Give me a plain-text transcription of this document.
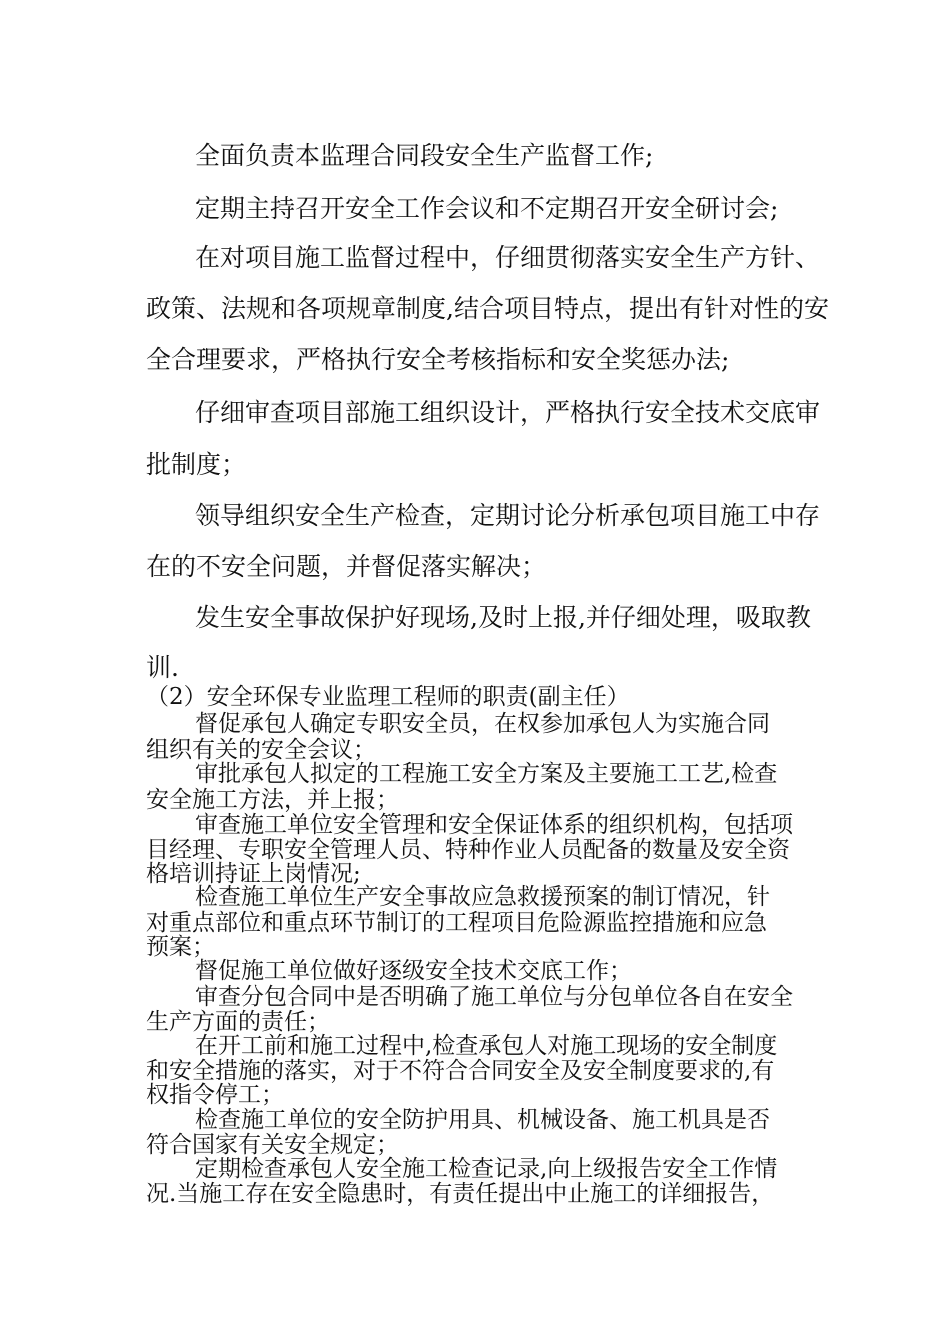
全面负责本监理合同段安全生产监督工作;
定期主持召开安全工作会议和不定期召开安全研讨会;
在对项目施工监督过程中，仔细贯彻落实安全生产方针、
政策、法规和各项规章制度,结合项目特点，提出有针对性的安
全合理要求，严格执行安全考核指标和安全奖惩办法;
仔细审查项目部施工组织设计，严格执行安全技术交底审
批制度；
领导组织安全生产检查，定期讨论分析承包项目施工中存
在的不安全问题，并督促落实解决；
发生安全事故保护好现场,及时上报,并仔细处理，吸取教
训.
（2）安全环保专业监理工程师的职责(副主任）
督促承包人确定专职安全员，在权参加承包人为实施合同
组织有关的安全会议；
审批承包人拟定的工程施工安全方案及主要施工工艺,检查
安全施工方法，并上报；
审查施工单位安全管理和安全保证体系的组织机构，包括项
目经理、专职安全管理人员、特种作业人员配备的数量及安全资
格培训持证上岗情况;
检查施工单位生产安全事故应急救援预案的制订情况，针
对重点部位和重点环节制订的工程项目危险源监控措施和应急
预案；
督促施工单位做好逐级安全技术交底工作；
审查分包合同中是否明确了施工单位与分包单位各自在安全
生产方面的责任；
在开工前和施工过程中,检查承包人对施工现场的安全制度
和安全措施的落实，对于不符合合同安全及安全制度要求的,有
权指令停工；
检查施工单位的安全防护用具、机械设备、施工机具是否
符合国家有关安全规定；
定期检查承包人安全施工检查记录,向上级报告安全工作情
况.当施工存在安全隐患时，有责任提出中止施工的详细报告，
